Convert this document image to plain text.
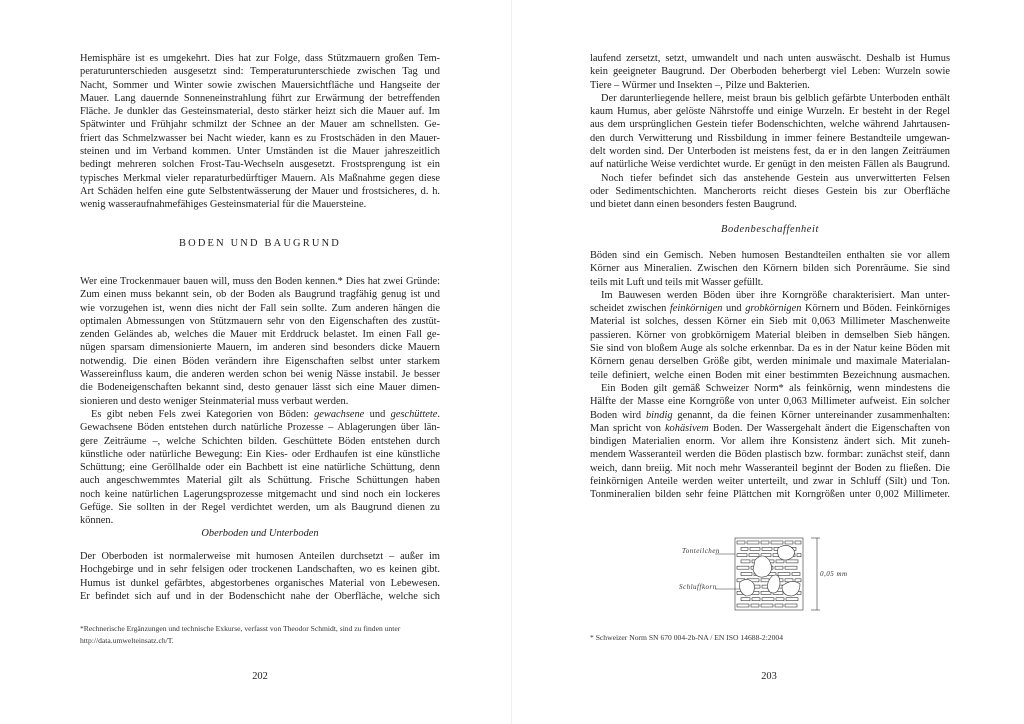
Hemisphäre ist es umgekehrt. Dies hat zur Folge, dass Stützmauern großen Tem-
peraturunterschieden ausgesetzt sind: Temperaturunterschiede zwischen Tag und
Nacht, Sommer und Winter sowie zwischen Mauersichtfläche und Hangseite der
Mauer. Lang dauernde Sonneneinstrahlung führt zur Erwärmung der betreffenden
Fläche. Je dunkler das Gesteinsmaterial, desto stärker heizt sich die Mauer auf. Im
Spätwinter und Frühjahr schmilzt der Schnee an der Mauer am schnellsten. Ge-
friert das Schmelzwasser bei Nacht wieder, kann es zu Frostschäden in den Mauer-
steinen und im Verband kommen. Unter Umständen ist die Mauer jahreszeitlich
bedingt mehreren solchen Frost-Tau-Wechseln ausgesetzt. Frostsprengung ist ein
typisches Merkmal vieler reparaturbedürftiger Mauern. Als Maßnahme gegen diese
Art Schäden helfen eine gute Selbstentwässerung der Mauer und frostsicheres, d. h.
wenig wasseraufnahmefähiges Gesteinsmaterial für die Mauersteine.
BODEN UND BAUGRUND
Wer eine Trockenmauer bauen will, muss den Boden kennen.* Dies hat zwei Gründe:
Zum einen muss bekannt sein, ob der Boden als Baugrund tragfähig genug ist und
wie vorzugehen ist, wenn dies nicht der Fall sein sollte. Zum anderen hängen die
optimalen Abmessungen von Stützmauern sehr von den Eigenschaften des zustüt-
zenden Geländes ab, welches die Mauer mit Erddruck belastet. Im einen Fall ge-
nügen sparsam dimensionierte Mauern, im anderen sind besonders dicke Mauern
notwendig. Die einen Böden verändern ihre Eigenschaften selbst unter starkem
Wassereinfluss kaum, die anderen werden schon bei wenig Nässe instabil. Je besser
die Bodeneigenschaften bekannt sind, desto genauer lässt sich eine Mauer dimen-
sionieren und desto weniger Steinmaterial muss verbaut werden.
Es gibt neben Fels zwei Kategorien von Böden: gewachsene und geschüttete.
Gewachsene Böden entstehen durch natürliche Prozesse – Ablagerungen über län-
gere Zeiträume –, welche Schichten bilden. Geschüttete Böden entstehen durch
künstliche oder natürliche Bewegung: Ein Kies- oder Erdhaufen ist eine künstliche
Schüttung; eine Geröllhalde oder ein Bachbett ist eine natürliche Schüttung, denn
auch angeschwemmtes Material gilt als Schüttung. Frische Schüttungen haben
noch keine natürlichen Lagerungsprozesse mitgemacht und sind noch ein lockeres
Gefüge. Sie sollten in der Regel verdichtet werden, um als Baugrund dienen zu können.
Oberboden und Unterboden
Der Oberboden ist normalerweise mit humosen Anteilen durchsetzt – außer im
Hochgebirge und in sehr felsigen oder trockenen Landschaften, wo es keinen gibt.
Humus ist dunkel gefärbtes, abgestorbenes organisches Material von Lebewesen.
Er befindet sich auf und in der Bodenschicht nahe der Oberfläche, welche sich
*Rechnerische Ergänzungen und technische Exkurse, verfasst von Theodor Schmidt, sind zu finden unter
http://data.umwelteinsatz.ch/T.
202
laufend zersetzt, setzt, umwandelt und nach unten auswäscht. Deshalb ist Humus
kein geeigneter Baugrund. Der Oberboden beherbergt viel Leben: Wurzeln sowie
Tiere – Würmer und Insekten –, Pilze und Bakterien.
Der darunterliegende hellere, meist braun bis gelblich gefärbte Unterboden enthält
kaum Humus, aber gelöste Nährstoffe und einige Wurzeln. Er besteht in der Regel
aus dem ursprünglichen Gestein tiefer Bodenschichten, welche während Jahrtausen-
den durch Verwitterung und Rissbildung in immer feinere Bestandteile umgewan-
delt worden sind. Der Unterboden ist meistens fest, da er in den langen Zeiträumen
auf natürliche Weise verdichtet wurde. Er genügt in den meisten Fällen als Baugrund.
Noch tiefer befindet sich das anstehende Gestein aus unverwitterten Felsen
oder Sedimentschichten. Mancherorts reicht dieses Gestein bis zur Oberfläche
und bietet dann einen besonders festen Baugrund.
Bodenbeschaffenheit
Böden sind ein Gemisch. Neben humosen Bestandteilen enthalten sie vor allem
Körner aus Mineralien. Zwischen den Körnern bilden sich Porenräume. Sie sind
teils mit Luft und teils mit Wasser gefüllt.
Im Bauwesen werden Böden über ihre Korngröße charakterisiert. Man unter-
scheidet zwischen feinkörnigen und grobkörnigen Körnern und Böden. Feinkörniges
Material ist solches, dessen Körner ein Sieb mit 0,063 Millimeter Maschenweite
passieren. Körner von grobkörnigem Material bleiben in demselben Sieb hängen.
Sie sind von bloßem Auge als solche erkennbar. Da es in der Natur keine Böden mit
Körnern genau derselben Größe gibt, werden minimale und maximale Materialan-
teile definiert, welche einen Boden mit einer bestimmten Bezeichnung ausmachen.
Ein Boden gilt gemäß Schweizer Norm* als feinkörnig, wenn mindestens die
Hälfte der Masse eine Korngröße von unter 0,063 Millimeter aufweist. Ein solcher
Boden wird bindig genannt, da die feinen Körner untereinander zusammenhalten:
Man spricht von kohäsivem Boden. Der Wassergehalt ändert die Eigenschaften von
bindigen Materialien enorm. Vor allem ihre Konsistenz ändert sich. Mit zuneh-
mendem Wasseranteil werden die Böden plastisch bzw. formbar: zunächst steif, dann
weich, dann breiig. Mit noch mehr Wasseranteil beginnt der Boden zu fließen. Die
feinkörnigen Anteile werden weiter unterteilt, und zwar in Schluff (Silt) und Ton.
Tonmineralien bilden sehr feine Plättchen mit Korngrößen unter 0,002 Millimeter.
Tonteilchen
Schluffkorn
0,05 mm
* Schweizer Norm SN 670 004-2b-NA / EN ISO 14688-2:2004
203
